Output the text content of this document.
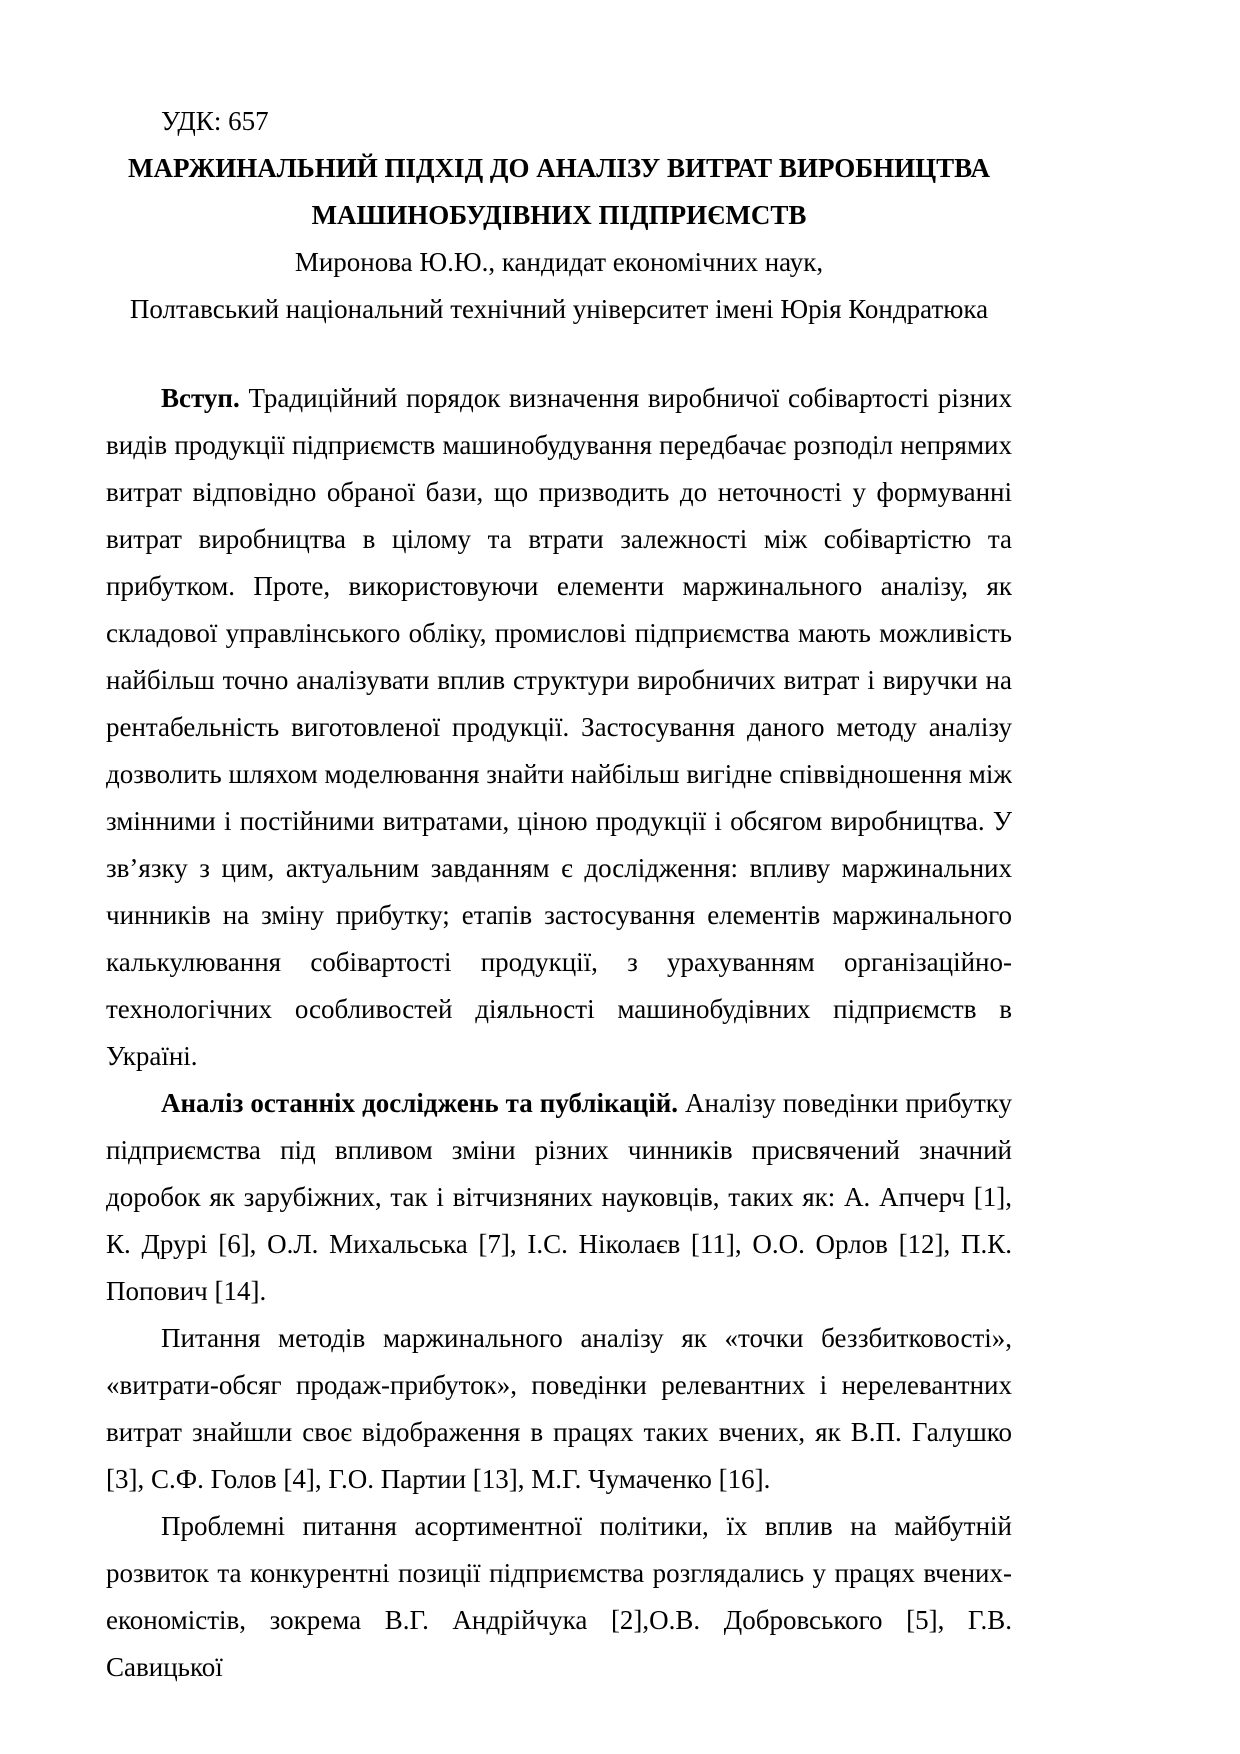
УДК: 657

МАРЖИНАЛЬНИЙ ПІДХІД ДО АНАЛІЗУ ВИТРАТ ВИРОБНИЦТВА
МАШИНОБУДІВНИХ ПІДПРИЄМСТВ

Миронова Ю.Ю., кандидат економічних наук,

Полтавський національний технічний університет імені Юрія Кондратюка

Вступ. Традиційний порядок визначення виробничої собівартості різних видів продукції підприємств машинобудування передбачає розподіл непрямих витрат відповідно обраної бази, що призводить до неточності у формуванні витрат виробництва в цілому та втрати залежності між собівартістю та прибутком. Проте, використовуючи елементи маржинального аналізу, як складової управлінського обліку, промислові підприємства мають можливість найбільш точно аналізувати вплив структури виробничих витрат і виручки на рентабельність виготовленої продукції. Застосування даного методу аналізу дозволить шляхом моделювання знайти найбільш вигідне співвідношення між змінними і постійними витратами, ціною продукції і обсягом виробництва. У зв’язку з цим, актуальним завданням є дослідження: впливу маржинальних чинників на зміну прибутку; етапів застосування елементів маржинального калькулювання собівартості продукції, з урахуванням організаційно-технологічних особливостей діяльності машинобудівних підприємств в Україні.

Аналіз останніх досліджень та публікацій. Аналізу поведінки прибутку підприємства під впливом зміни різних чинників присвячений значний доробок як зарубіжних, так і вітчизняних науковців, таких як: А. Апчерч [1], К. Друрі [6], О.Л. Михальська [7], І.С. Ніколаєв [11], О.О. Орлов [12], П.К. Попович [14].

Питання методів маржинального аналізу як «точки беззбитковості», «витрати-обсяг продаж-прибуток», поведінки релевантних і нерелевантних витрат знайшли своє відображення в працях таких вчених, як В.П. Галушко [3], С.Ф. Голов [4], Г.О. Партии [13], М.Г. Чумаченко [16].

Проблемні питання асортиментної політики, їх вплив на майбутній розвиток та конкурентні позиції підприємства розглядались у працях вчених-економістів, зокрема В.Г. Андрійчука [2],О.В. Добровського [5], Г.В. Савицької
